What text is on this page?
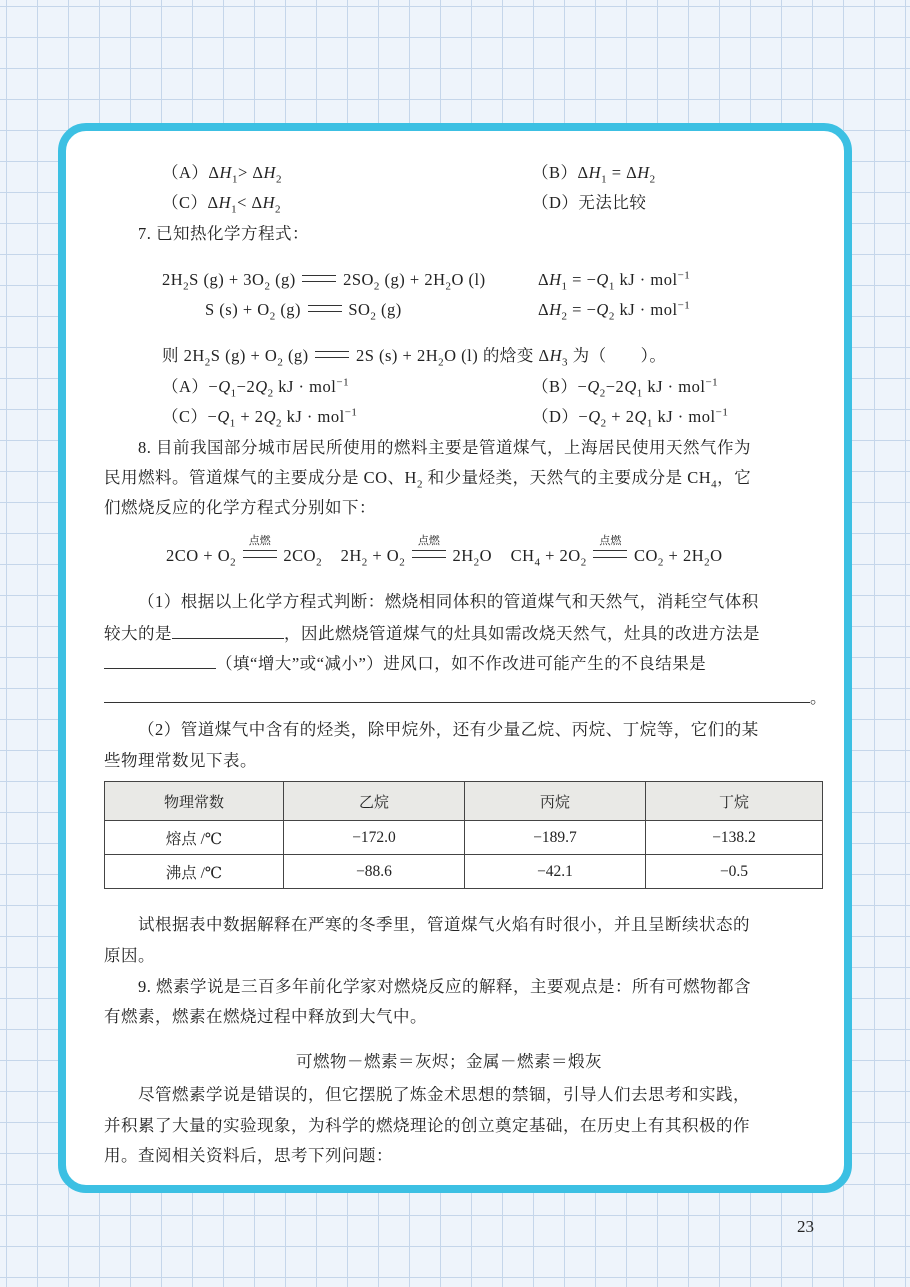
$(A)\Delta H_1> \Delta H_2$	$(B)\Delta H_1 = \Delta H_2$
$(C)\Delta H_1< \Delta H_2$	（D）无法比较
7. 已知热化学方程式：
$2H_2S$ $(g) + 3O_2$ (g)  $2SO_2$ $(g) + 2H_2O$ (l)	$\Delta H_1 = -Q_1$ kJ · mol$^{-1}$
S $(s) + O_2$ (g)  $SO_2$ (g)	$\Delta H_2 = -Q_2$ kJ · mol$^{-1}$
则 $2H_2S$ $(g) + O_2$ (g)  2S $(s) + 2H_2O$ (l) 的焓变 $\Delta H_3$ 为（　　）。
$(A)-Q_1-2Q_2$ kJ · mol$^{-1}$	$(B)-Q_2-2Q_1$ kJ · mol$^{-1}$
$(C)-Q_1 + 2Q_2$ kJ · mol$^{-1}$	$(D)-Q_2 + 2Q_1$ kJ · mol$^{-1}$
8. 目前我国部分城市居民所使用的燃料主要是管道煤气，上海居民使用天然气作为
民用燃料。管道煤气的主要成分是 CO、$H_2$ 和少量烃类，天然气的主要成分是 $CH_4$，它
们燃烧反应的化学方程式分别如下：
$2CO + O_2$
点燃
$2CO_2$    $2H_2 + O_2$
点燃
$2H_2O$    $CH_4 + 2O_2$
点燃
$CO_2 + 2H_2O$
（1）根据以上化学方程式判断：燃烧相同体积的管道煤气和天然气，消耗空气体积
较大的是	，因此燃烧管道煤气的灶具如需改烧天然气，灶具的改进方法是
（填“增大”或“减小”）进风口，如不作改进可能产生的不良结果是
。
（2）管道煤气中含有的烃类，除甲烷外，还有少量乙烷、丙烷、丁烷等，它们的某
些物理常数见下表。
物理常数	乙烷	丙烷	丁烷
熔点 /℃	−172.0	−189.7	−138.2
沸点 /℃	−88.6	−42.1	−0.5
试根据表中数据解释在严寒的冬季里，管道煤气火焰有时很小，并且呈断续状态的
原因。
9. 燃素学说是三百多年前化学家对燃烧反应的解释，主要观点是：所有可燃物都含
有燃素，燃素在燃烧过程中释放到大气中。
可燃物－燃素＝灰烬；金属－燃素＝煅灰
尽管燃素学说是错误的，但它摆脱了炼金术思想的禁锢，引导人们去思考和实践，
并积累了大量的实验现象，为科学的燃烧理论的创立奠定基础，在历史上有其积极的作
用。查阅相关资料后，思考下列问题：
23
